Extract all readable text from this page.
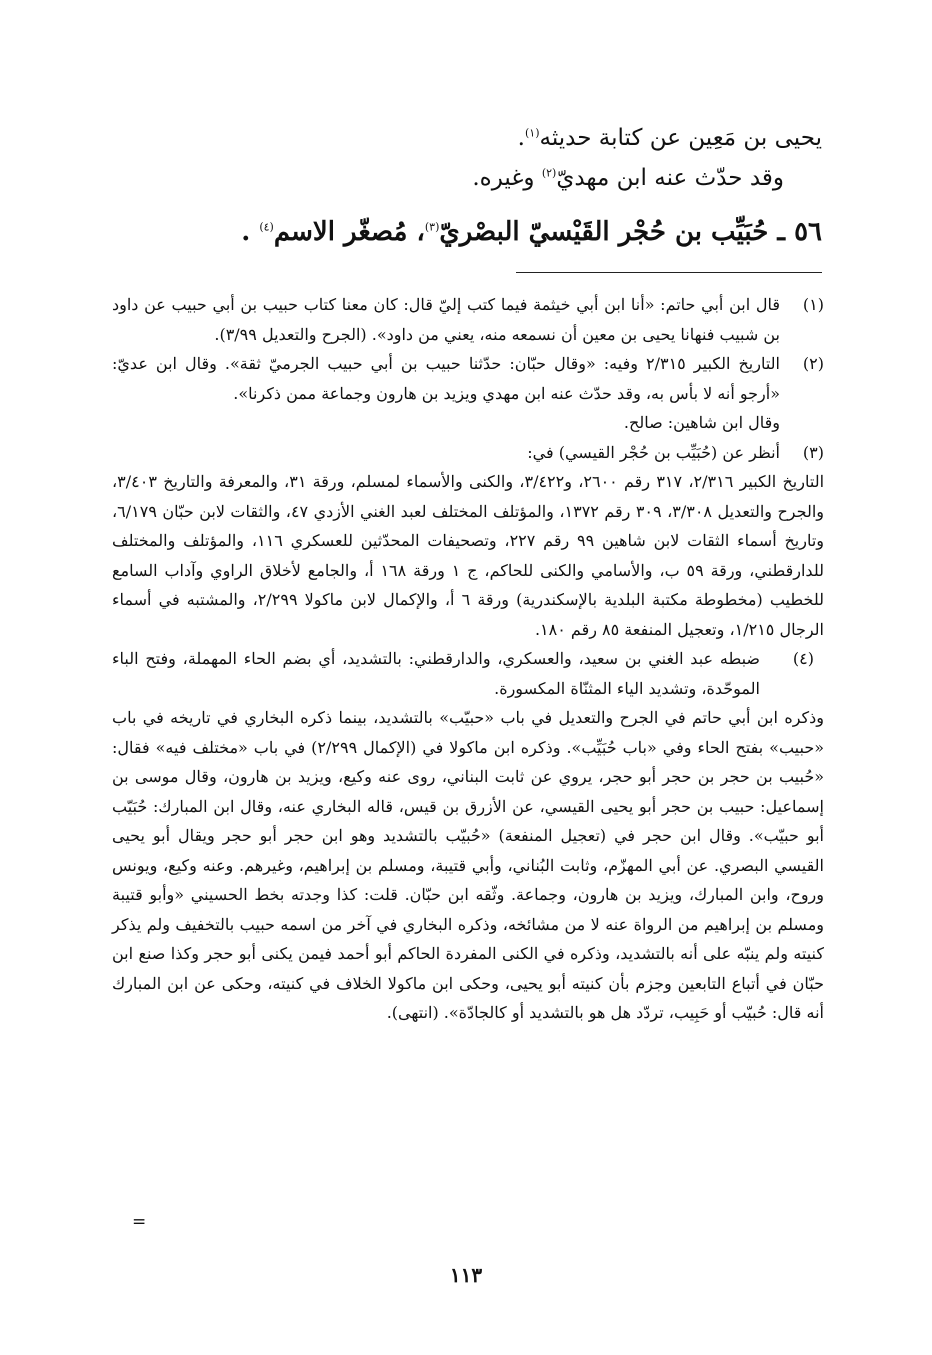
يحيى بن مَعِين عن كتابة حديثه$^{(١)}$.
وقد حدّث عنه ابن مهديّ$^{(٢)}$ وغيره.
٥٦ ـ حُبَيِّب بن حُجْر القَيْسيّ البصْريّ$^{(٣)}$، مُصغّر الاسم$^{(٤)}$ .

(١)
قال ابن أبي حاتم: «أنا ابن أبي خيثمة فيما كتب إليّ قال: كان معنا كتاب حبيب بن أبي حبيب عن داود بن شبيب فنهانا يحيى بن معين أن نسمعه منه، يعني من داود». (الجرح والتعديل ٣/٩٩).

(٢)
التاريخ الكبير ٢/٣١٥ وفيه: «وقال حبّان: حدّثنا حبيب بن أبي حبيب الجرميّ ثقة». وقال ابن عديّ: «أرجو أنه لا بأس به، وقد حدّث عنه ابن مهدي ويزيد بن هارون وجماعة ممن ذكرنا».

وقال ابن شاهين: صالح.

(٣)
أنظر عن (حُبَيِّب بن حُجْر القيسي) في:

التاريخ الكبير ٢/٣١٦، ٣١٧ رقم ٢٦٠٠، و٣/٤٢٢، والكنى والأسماء لمسلم، ورقة ٣١، والمعرفة والتاريخ ٣/٤٠٣، والجرح والتعديل ٣/٣٠٨، ٣٠٩ رقم ١٣٧٢، والمؤتلف المختلف لعبد الغني الأزدي ٤٧، والثقات لابن حبّان ٦/١٧٩، وتاريخ أسماء الثقات لابن شاهين ٩٩ رقم ٢٢٧، وتصحيفات المحدّثين للعسكري ١١٦، والمؤتلف والمختلف للدارقطني، ورقة ٥٩ ب، والأسامي والكنى للحاكم، ج ١ ورقة ١٦٨ أ، والجامع لأخلاق الراوي وآداب السامع للخطيب (مخطوطة مكتبة البلدية بالإسكندرية) ورقة ٦ أ، والإكمال لابن ماكولا ٢/٢٩٩، والمشتبه في أسماء الرجال ١/٢١٥، وتعجيل المنفعة ٨٥ رقم ١٨٠.

(٤)
ضبطه عبد الغني بن سعيد، والعسكري، والدارقطني: بالتشديد، أي بضم الحاء المهملة، وفتح الباء الموحّدة، وتشديد الياء المثنّاة المكسورة.

وذكره ابن أبي حاتم في الجرح والتعديل في باب «حبيّب» بالتشديد، بينما ذكره البخاري في تاريخه في باب «حبيب» بفتح الحاء وفي «باب حُبَيِّب». وذكره ابن ماكولا في (الإكمال ٢/٢٩٩) في باب «مختلف فيه» فقال: «حُبيب بن حجر بن حجر أبو حجر، يروي عن ثابت البناني، روى عنه وكيع، ويزيد بن هارون، وقال موسى بن إسماعيل: حبيب بن حجر أبو يحيى القيسي، عن الأزرق بن قيس، قاله البخاري عنه، وقال ابن المبارك: حُبَيّب أبو حبيّب». وقال ابن حجر في (تعجيل المنفعة) «حُبيّب بالتشديد وهو ابن حجر أبو حجر ويقال أبو يحيى القيسي البصري. عن أبي المهزّم، وثابت البُناني، وأبي قتيبة، ومسلم بن إبراهيم، وغيرهم. وعنه وكيع، ويونس وروح، وابن المبارك، ويزيد بن هارون، وجماعة. وثّقه ابن حبّان. قلت: كذا وجدته بخط الحسيني «وأبو قتيبة ومسلم بن إبراهيم من الرواة عنه لا من مشائخه، وذكره البخاري في آخر من اسمه حبيب بالتخفيف ولم يذكر كنيته ولم ينبّه على أنه بالتشديد، وذكره في الكنى المفردة الحاكم أبو أحمد فيمن يكنى أبو حجر وكذا صنع ابن حبّان في أتباع التابعين وجزم بأن كنيته أبو يحيى، وحكى ابن ماكولا الخلاف في كنيته، وحكى عن ابن المبارك أنه قال: حُبيّب أو حَبِيب، تردّد هل هو بالتشديد أو كالجادّة». (انتهى).

=
١١٣
